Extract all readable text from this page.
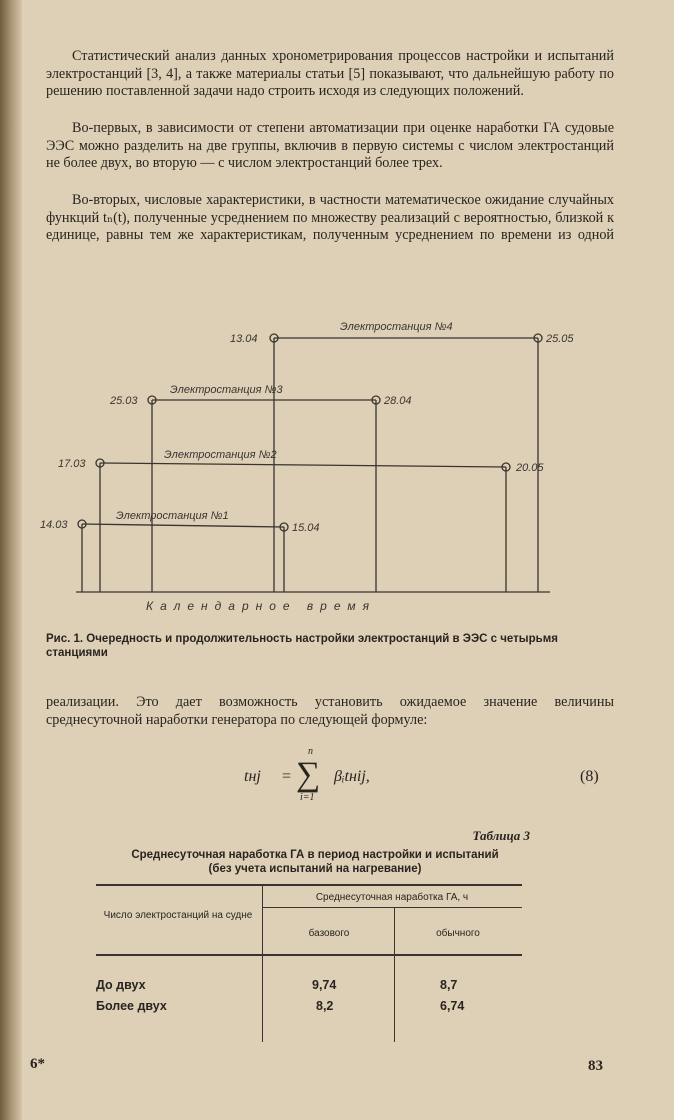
Статистический анализ данных хронометрирования процессов настройки и испытаний электростанций [3, 4], а также материалы статьи [5] показывают, что дальнейшую работу по решению поставленной задачи надо строить исходя из следующих положений.

Во-первых, в зависимости от степени автоматизации при оценке наработки ГА судовые ЭЭС можно разделить на две группы, включив в первую системы с числом электростанций не более двух, во вторую — с числом электростанций более трех.

Во-вторых, числовые характеристики, в частности математическое ожидание случайных функций tₙ(t), полученные усреднением по множеству реализаций с вероятностью, близкой к единице, равны тем же характеристикам, полученным усреднением по времени из одной

Электростанция №4
13.04	25.05
Электростанция №3
25.03	28.04
Электростанция №2
17.03	20.05
Электростанция №1
14.03	15.04
Календарное время

Рис. 1. Очередность и продолжительность настройки электростанций в ЭЭС с четырьмя станциями

реализации. Это дает возможность установить ожидаемое значение величины среднесуточной наработки генератора по следующей формуле:

tнj =
n
∑
i=1
βᵢtнij,	(8)
Таблица 3

Среднесуточная наработка ГА в период настройки и испытаний
(без учета испытаний на нагревание)

Число электростанций на судне
Среднесуточная наработка ГА, ч
базового	обычного
До двух	9,74	8,7
Более двух	8,2	6,74
6*	83
